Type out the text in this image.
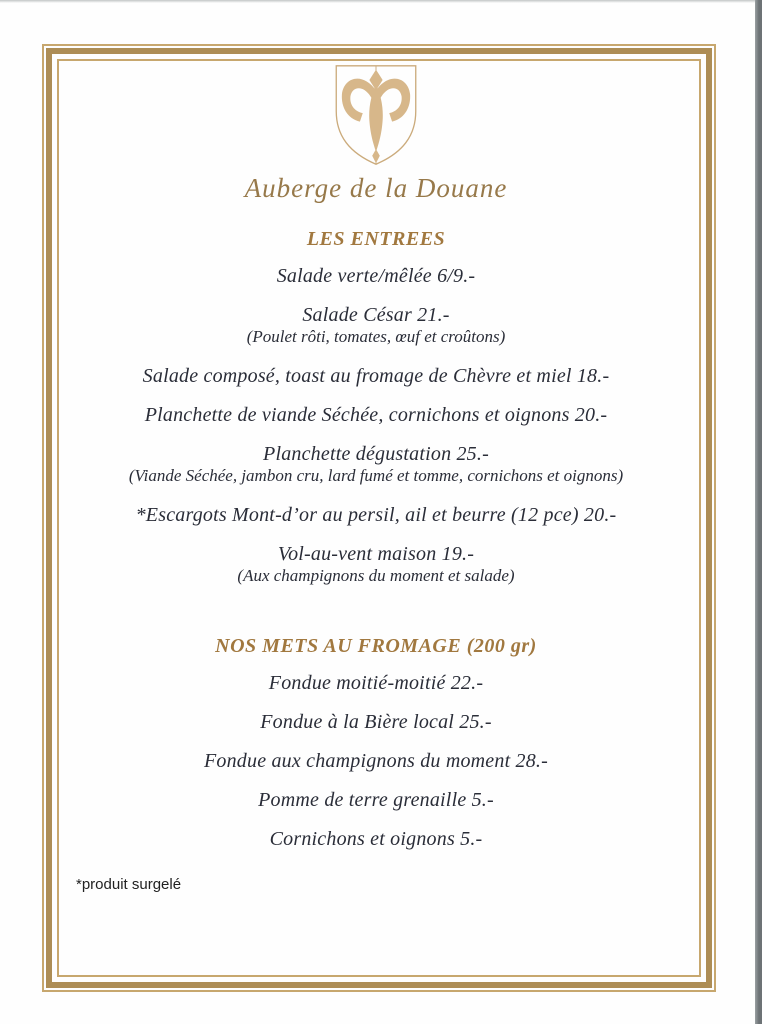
Auberge de la Douane
LES ENTREES
Salade verte/mêlée 6/9.-
Salade César 21.-
(Poulet rôti, tomates, œuf et croûtons)
Salade composé, toast au fromage de Chèvre et miel 18.-
Planchette de viande Séchée, cornichons et oignons 20.-
Planchette dégustation 25.-
(Viande Séchée, jambon cru, lard fumé et tomme, cornichons et oignons)
*Escargots Mont-d’or au persil, ail et beurre (12 pce) 20.-
Vol-au-vent maison 19.-
(Aux champignons du moment et salade)
NOS METS AU FROMAGE (200 gr)
Fondue moitié-moitié 22.-
Fondue à la Bière local 25.-
Fondue aux champignons du moment 28.-
Pomme de terre grenaille 5.-
Cornichons et oignons 5.-
*produit surgelé
